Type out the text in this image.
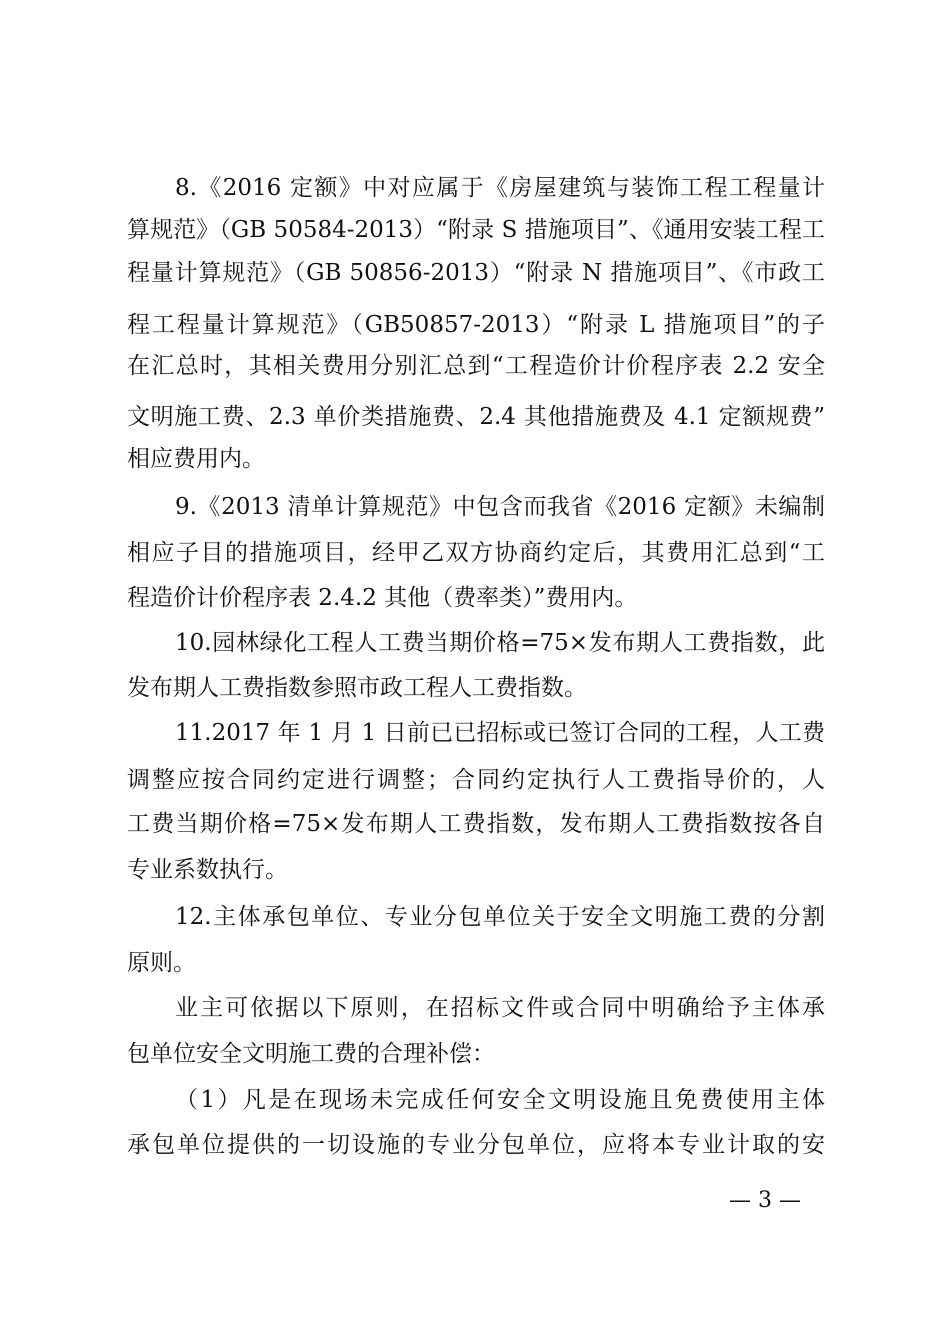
8.《2016 定额》中对应属于《房屋建筑与装饰工程工程量计
算规范》（GB 50584-2013）“附录 S 措施项目”、《通用安装工程工
程量计算规范》（GB 50856-2013）“附录 N 措施项目”、《市政工
程工程量计算规范》（GB50857-2013）“附录 L 措施项目”的子
在汇总时，其相关费用分别汇总到“工程造价计价程序表 2.2 安全
文明施工费、2.3 单价类措施费、2.4 其他措施费及 4.1 定额规费”
相应费用内。
9.《2013 清单计算规范》中包含而我省《2016 定额》未编制
相应子目的措施项目，经甲乙双方协商约定后，其费用汇总到“工
程造价计价程序表 2.4.2 其他（费率类）”费用内。
10.园林绿化工程人工费当期价格=75×发布期人工费指数，此
发布期人工费指数参照市政工程人工费指数。
11.2017 年 1 月 1 日前已已招标或已签订合同的工程，人工费
调整应按合同约定进行调整；合同约定执行人工费指导价的，人
工费当期价格=75×发布期人工费指数，发布期人工费指数按各自
专业系数执行。
12.主体承包单位、专业分包单位关于安全文明施工费的分割
原则。
业主可依据以下原则，在招标文件或合同中明确给予主体承
包单位安全文明施工费的合理补偿：
（1）凡是在现场未完成任何安全文明设施且免费使用主体
承包单位提供的一切设施的专业分包单位，应将本专业计取的安
— 3 —
